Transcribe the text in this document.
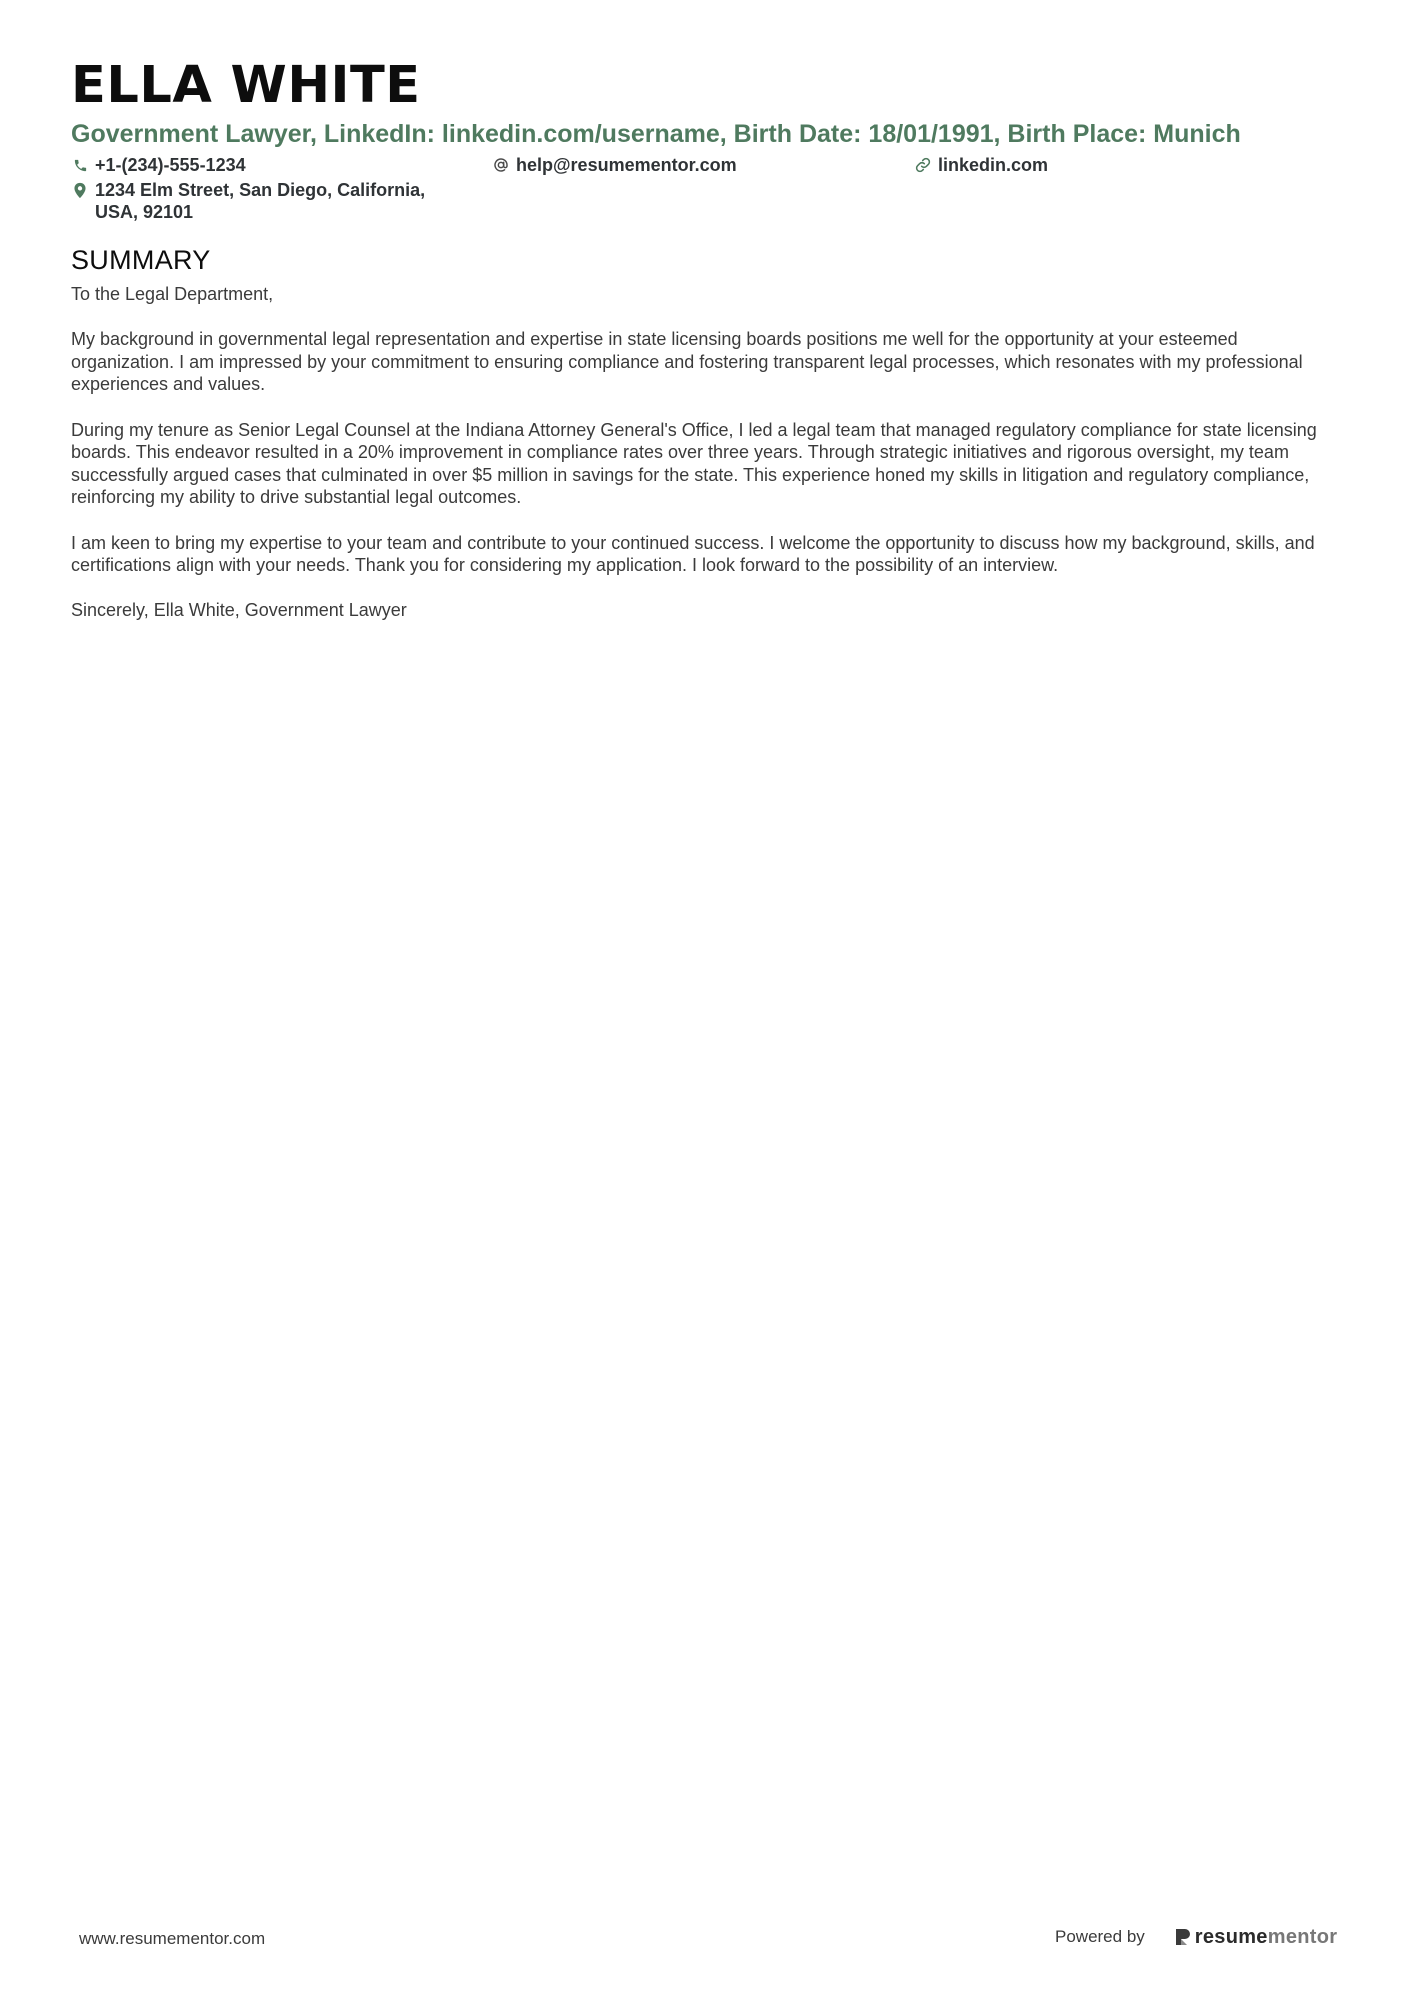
ELLA WHITE
Government Lawyer, LinkedIn: linkedin.com/username, Birth Date: 18/01/1991, Birth Place: Munich
+1-(234)-555-1234	help@resumementor.com	linkedin.com
1234 Elm Street, San Diego, California, USA, 92101
SUMMARY

To the Legal Department,

My background in governmental legal representation and expertise in state licensing boards positions me well for the opportunity at your esteemed organization. I am impressed by your commitment to ensuring compliance and fostering transparent legal processes, which resonates with my professional experiences and values.

During my tenure as Senior Legal Counsel at the Indiana Attorney General's Office, I led a legal team that managed regulatory compliance for state licensing boards. This endeavor resulted in a 20% improvement in compliance rates over three years. Through strategic initiatives and rigorous oversight, my team successfully argued cases that culminated in over $5 million in savings for the state. This experience honed my skills in litigation and regulatory compliance, reinforcing my ability to drive substantial legal outcomes.

I am keen to bring my expertise to your team and contribute to your continued success. I welcome the opportunity to discuss how my background, skills, and certifications align with your needs. Thank you for considering my application. I look forward to the possibility of an interview.

Sincerely, Ella White, Government Lawyer

www.resumementor.com	Powered by	resume mentor
